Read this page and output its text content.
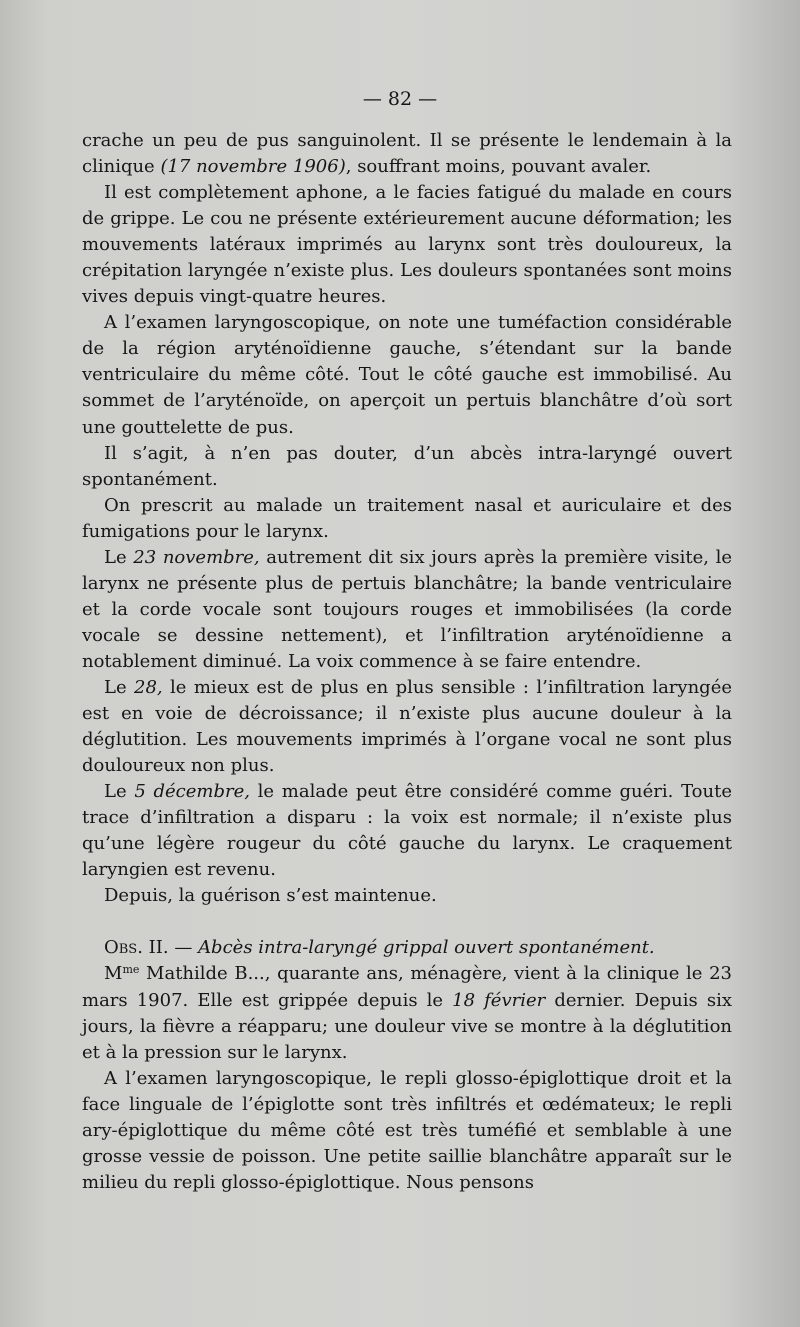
— 82 —

crache un peu de pus sanguinolent. Il se présente le lendemain à la clinique (17 novembre 1906), souffrant moins, pouvant avaler.

Il est complètement aphone, a le facies fatigué du malade en cours de grippe. Le cou ne présente extérieurement aucune déformation; les mouvements latéraux imprimés au larynx sont très douloureux, la crépitation laryngée n’existe plus. Les douleurs spontanées sont moins vives depuis vingt-quatre heures.

A l’examen laryngoscopique, on note une tuméfaction considérable de la région aryténoïdienne gauche, s’étendant sur la bande ventriculaire du même côté. Tout le côté gauche est immobilisé. Au sommet de l’aryténoïde, on aperçoit un pertuis blanchâtre d’où sort une gouttelette de pus.

Il s’agit, à n’en pas douter, d’un abcès intra-laryngé ouvert spontanément.

On prescrit au malade un traitement nasal et auriculaire et des fumigations pour le larynx.

Le 23 novembre, autrement dit six jours après la première visite, le larynx ne présente plus de pertuis blanchâtre; la bande ventriculaire et la corde vocale sont toujours rouges et immobilisées (la corde vocale se dessine nettement), et l’infiltration aryténoïdienne a notablement diminué. La voix commence à se faire entendre.

Le 28, le mieux est de plus en plus sensible : l’infiltration laryngée est en voie de décroissance; il n’existe plus aucune douleur à la déglutition. Les mouvements imprimés à l’organe vocal ne sont plus douloureux non plus.

Le 5 décembre, le malade peut être considéré comme guéri. Toute trace d’infiltration a disparu : la voix est normale; il n’existe plus qu’une légère rougeur du côté gauche du larynx. Le craquement laryngien est revenu.

Depuis, la guérison s’est maintenue.

Obs. II. — Abcès intra-laryngé grippal ouvert spontanément.

$M^{me}$ Mathilde B..., quarante ans, ménagère, vient à la clinique le 23 mars 1907. Elle est grippée depuis le 18 février dernier. Depuis six jours, la fièvre a réapparu; une douleur vive se montre à la déglutition et à la pression sur le larynx.

A l’examen laryngoscopique, le repli glosso-épiglottique droit et la face linguale de l’épiglotte sont très infiltrés et œdémateux; le repli ary-épiglottique du même côté est très tuméfié et semblable à une grosse vessie de poisson. Une petite saillie blanchâtre apparaît sur le milieu du repli glosso-épiglottique. Nous pensons
